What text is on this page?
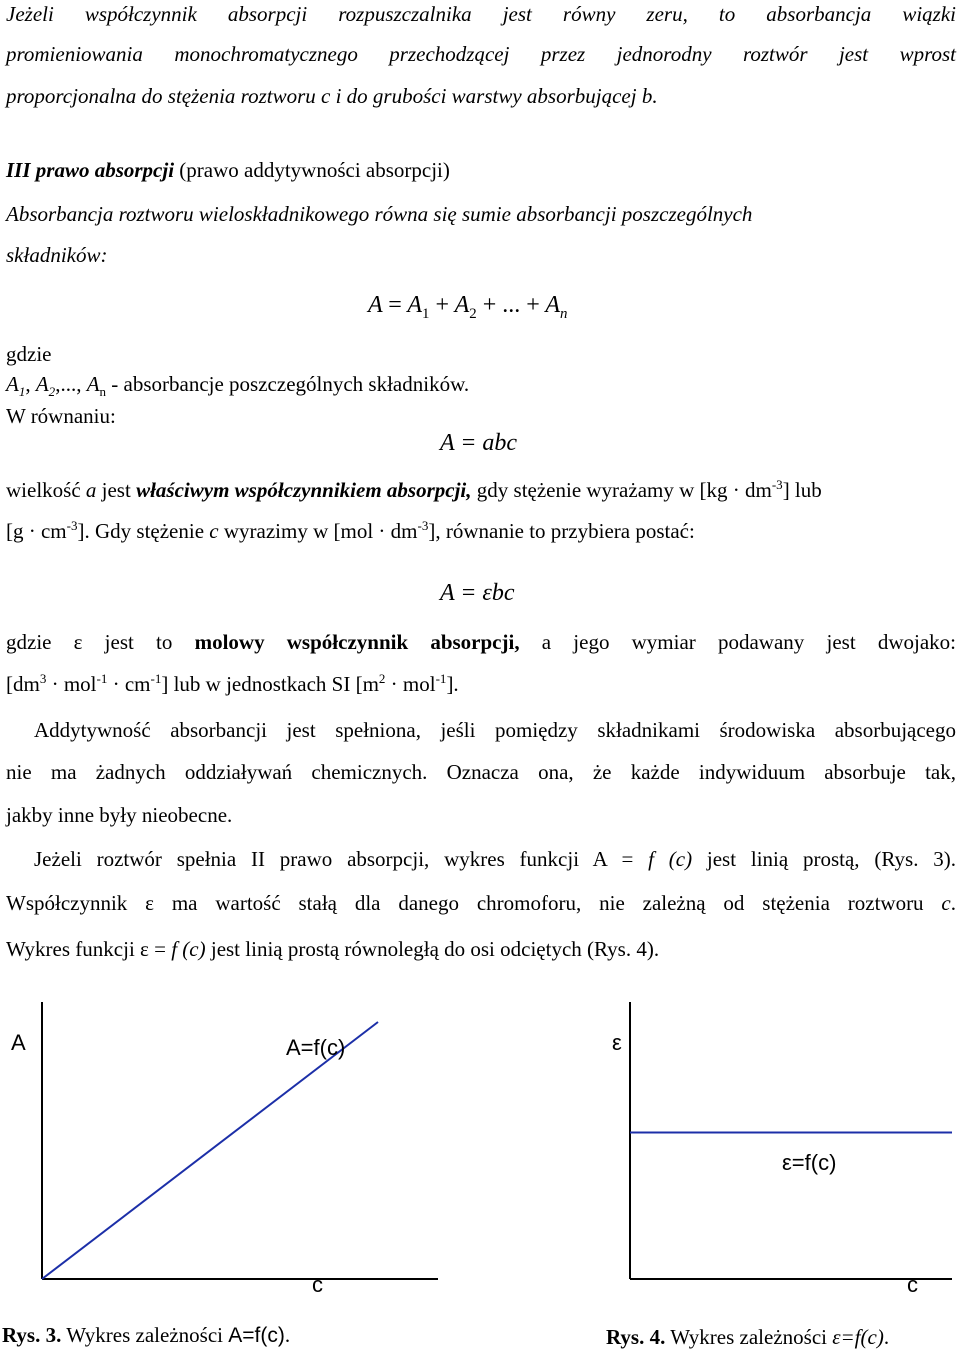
Jeżeli współczynnik absorpcji rozpuszczalnika jest równy zeru, to absorbancja wiązki
promieniowania monochromatycznego przechodzącej przez jednorodny roztwór jest wprost
proporcjonalna do stężenia roztworu c i do grubości warstwy absorbującej b.
III prawo absorpcji (prawo addytywności absorpcji)
Absorbancja roztworu wieloskładnikowego równa się sumie absorbancji poszczególnych
składników:
$A = A_1 + A_2$ + ... + $A_n$
gdzie
$A_1$, $A_2$,..., $A_n$ - absorbancje poszczególnych składników.
W równaniu:
A = abc
wielkość a jest właściwym współczynnikiem absorpcji, gdy stężenie wyrażamy w $[kg \cdot dm^{-3}]$ lub
$[g \cdot cm^{-3}]$. Gdy stężenie c wyrazimy w $[mol \cdot dm^{-3}]$, równanie to przybiera postać:
A = εbc
gdzie ε jest to molowy współczynnik absorpcji, a jego wymiar podawany jest dwojako:
$[dm^3 \cdot mol^{-1} \cdot cm^{-1}]$ lub w jednostkach SI $[m^2 \cdot mol^{-1}]$.
Addytywność absorbancji jest spełniona, jeśli pomiędzy składnikami środowiska absorbującego
nie ma żadnych oddziaływań chemicznych. Oznacza ona, że każde indywiduum absorbuje tak,
jakby inne były nieobecne.
Jeżeli roztwór spełnia II prawo absorpcji, wykres funkcji A = f (c) jest linią prostą, (Rys. 3).
Współczynnik ε ma wartość stałą dla danego chromoforu, nie zależną od stężenia roztworu c.
Wykres funkcji ε = f (c) jest linią prostą równoległą do osi odciętych (Rys. 4).
A	A=f(c)
c
ε
ε=f(c)
c
Rys. 3. Wykres zależności A=f(c).	Rys. 4. Wykres zależności ε=f(c).
